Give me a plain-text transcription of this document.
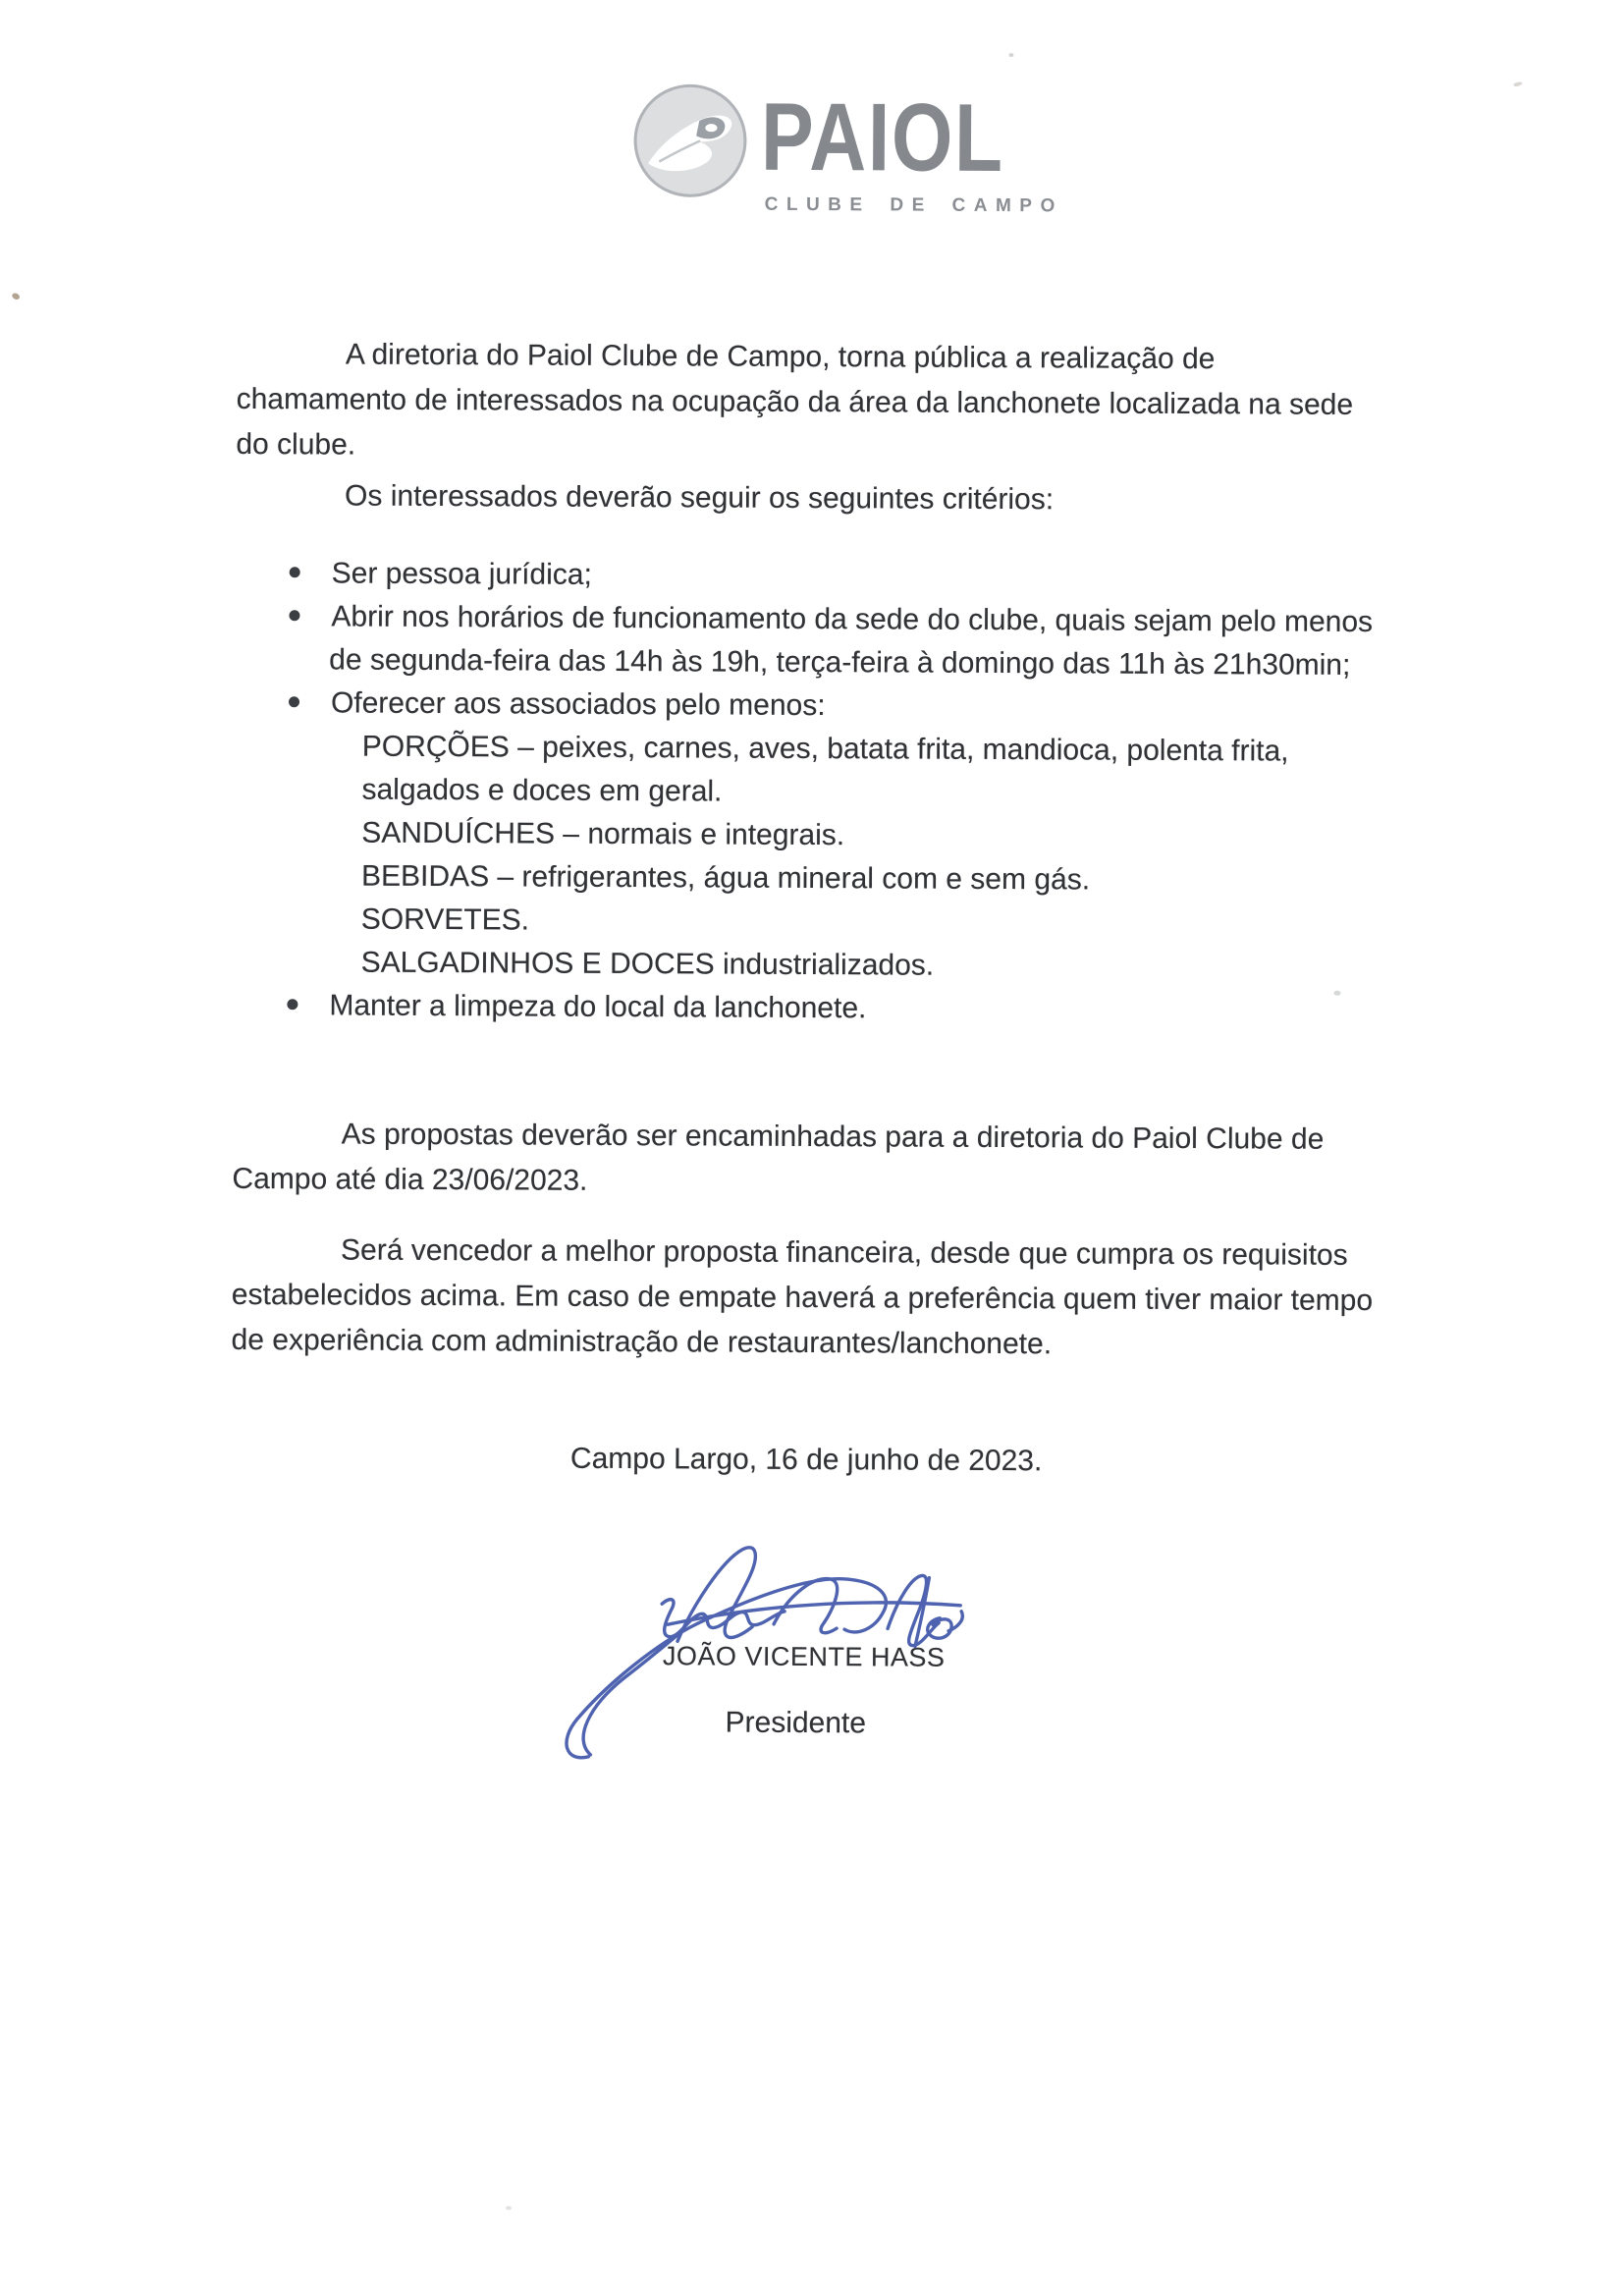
PAIOL
CLUBE DE CAMPO
A diretoria do Paiol Clube de Campo, torna pública a realização de
chamamento de interessados na ocupação da área da lanchonete localizada na sede
do clube.
Os interessados deverão seguir os seguintes critérios:
Ser pessoa jurídica;
Abrir nos horários de funcionamento da sede do clube, quais sejam pelo menos
de segunda-feira das 14h às 19h, terça-feira à domingo das 11h às 21h30min;
Oferecer aos associados pelo menos:
PORÇÕES – peixes, carnes, aves, batata frita, mandioca, polenta frita,
salgados e doces em geral.
SANDUÍCHES – normais e integrais.
BEBIDAS – refrigerantes, água mineral com e sem gás.
SORVETES.
SALGADINHOS E DOCES industrializados.
Manter a limpeza do local da lanchonete.
As propostas deverão ser encaminhadas para a diretoria do Paiol Clube de
Campo até dia 23/06/2023.
Será vencedor a melhor proposta financeira, desde que cumpra os requisitos
estabelecidos acima. Em caso de empate haverá a preferência quem tiver maior tempo
de experiência com administração de restaurantes/lanchonete.
Campo Largo, 16 de junho de 2023.
JOÃO VICENTE HASS
Presidente
